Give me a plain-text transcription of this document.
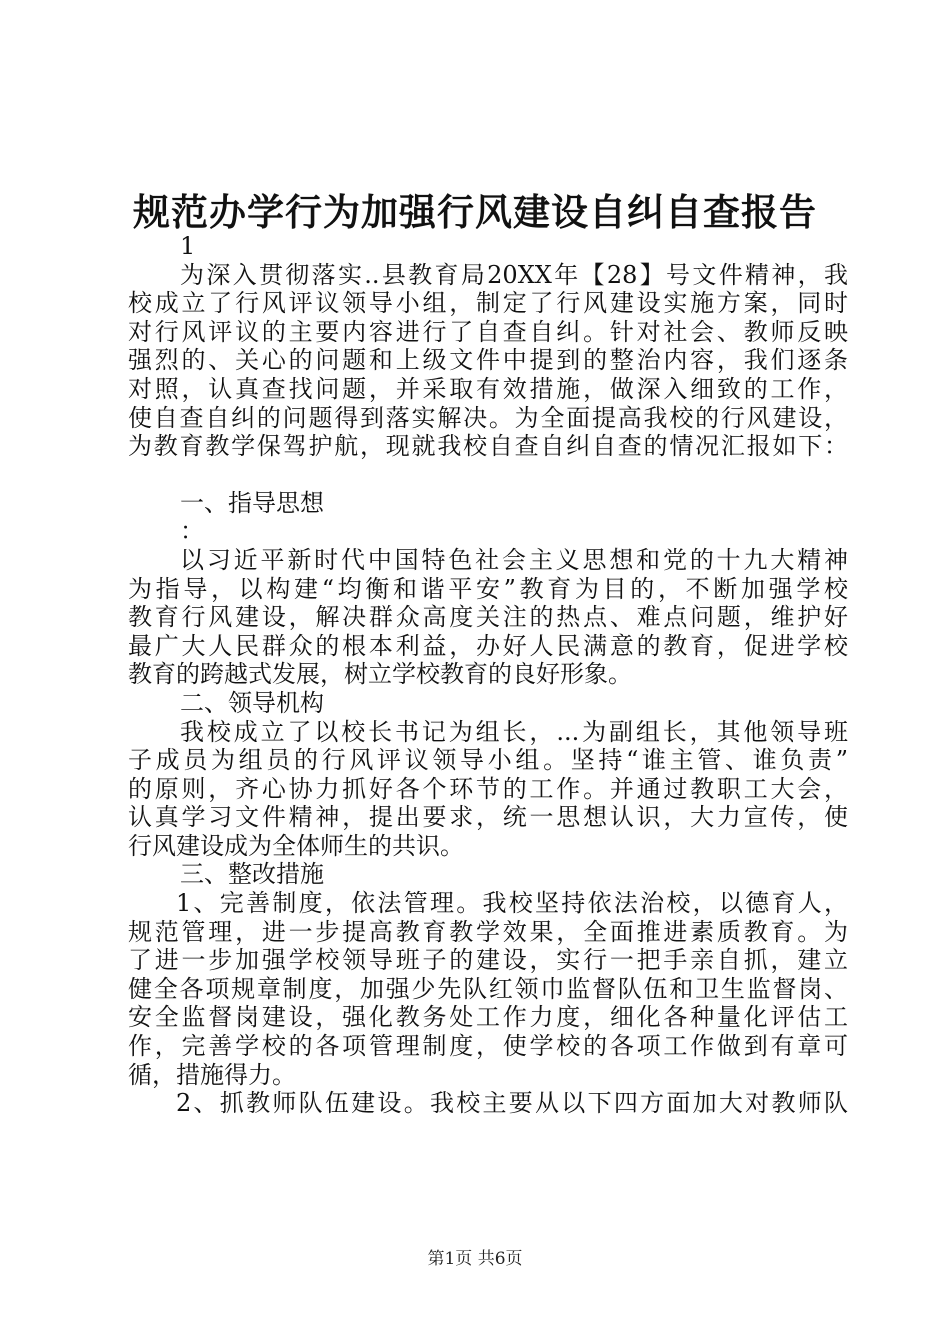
规范办学行为加强行风建设自纠自查报告
1
为深入贯彻落实..县教育局20XX年【28】号文件精神，我
校成立了行风评议领导小组，制定了行风建设实施方案，同时
对行风评议的主要内容进行了自查自纠。针对社会、教师反映
强烈的、关心的问题和上级文件中提到的整治内容，我们逐条
对照，认真查找问题，并采取有效措施，做深入细致的工作，
使自查自纠的问题得到落实解决。为全面提高我校的行风建设，
为教育教学保驾护航，现就我校自查自纠自查的情况汇报如下：
一、指导思想
：
以习近平新时代中国特色社会主义思想和党的十九大精神
为指导，以构建“均衡和谐平安”教育为目的，不断加强学校
教育行风建设，解决群众高度关注的热点、难点问题，维护好
最广大人民群众的根本利益，办好人民满意的教育，促进学校
教育的跨越式发展，树立学校教育的良好形象。
二、领导机构
我校成立了以校长书记为组长，...为副组长，其他领导班
子成员为组员的行风评议领导小组。坚持“谁主管、谁负责”
的原则，齐心协力抓好各个环节的工作。并通过教职工大会，
认真学习文件精神，提出要求，统一思想认识，大力宣传，使
行风建设成为全体师生的共识。
三、整改措施
1、完善制度，依法管理。我校坚持依法治校，以德育人，
规范管理，进一步提高教育教学效果，全面推进素质教育。为
了进一步加强学校领导班子的建设，实行一把手亲自抓，建立
健全各项规章制度，加强少先队红领巾监督队伍和卫生监督岗、
安全监督岗建设，强化教务处工作力度，细化各种量化评估工
作，完善学校的各项管理制度，使学校的各项工作做到有章可
循，措施得力。
2、抓教师队伍建设。我校主要从以下四方面加大对教师队
第1页 共6页
